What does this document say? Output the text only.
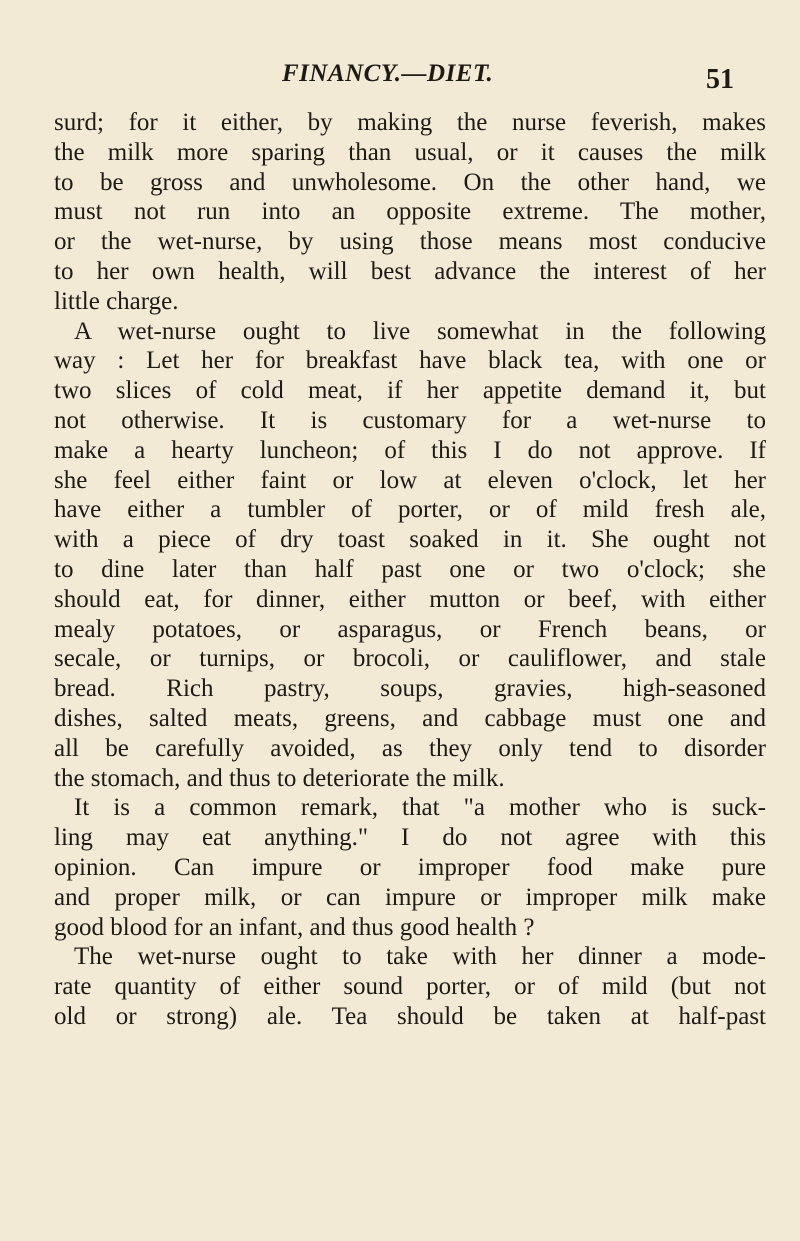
FINANCY.—DIET.	51
surd; for it either, by making the nurse feverish, makes
the milk more sparing than usual, or it causes the milk
to be gross and unwholesome. On the other hand, we
must not run into an opposite extreme. The mother,
or the wet-nurse, by using those means most conducive
to her own health, will best advance the interest of her
little charge.
A wet-nurse ought to live somewhat in the following
way : Let her for breakfast have black tea, with one or
two slices of cold meat, if her appetite demand it, but
not otherwise. It is customary for a wet-nurse to
make a hearty luncheon; of this I do not approve. If
she feel either faint or low at eleven o'clock, let her
have either a tumbler of porter, or of mild fresh ale,
with a piece of dry toast soaked in it. She ought not
to dine later than half past one or two o'clock; she
should eat, for dinner, either mutton or beef, with either
mealy potatoes, or asparagus, or French beans, or
secale, or turnips, or brocoli, or cauliflower, and stale
bread. Rich pastry, soups, gravies, high-seasoned
dishes, salted meats, greens, and cabbage must one and
all be carefully avoided, as they only tend to disorder
the stomach, and thus to deteriorate the milk.
It is a common remark, that "a mother who is suck-
ling may eat anything." I do not agree with this
opinion. Can impure or improper food make pure
and proper milk, or can impure or improper milk make
good blood for an infant, and thus good health ?
The wet-nurse ought to take with her dinner a mode-
rate quantity of either sound porter, or of mild (but not
old or strong) ale. Tea should be taken at half-past
